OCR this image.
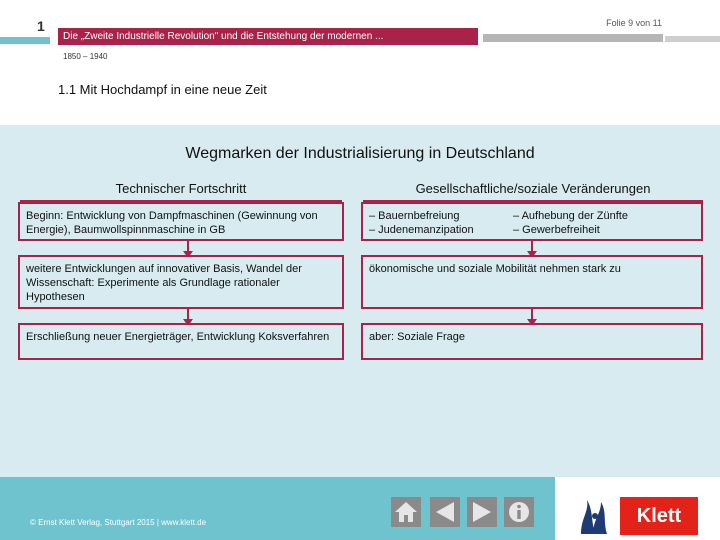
1
Die „Zweite Industrielle Revolution" und die Entstehung der modernen ...
Folie 9 von 11
1850 – 1940
1.1 Mit Hochdampf in eine neue Zeit
Wegmarken der Industrialisierung in Deutschland
Technischer Fortschritt	Gesellschaftliche/soziale Veränderungen
Beginn: Entwicklung von Dampfmaschinen (Gewinnung von Energie), Baumwollspinnmaschine in GB
weitere Entwicklungen auf innovativer Basis, Wandel der Wissenschaft: Experimente als Grundlage rationaler Hypothesen
Erschließung neuer Energieträger, Entwicklung Koksverfahren
– Bauernbefreiung
– Judenemanzipation
– Aufhebung der Zünfte
– Gewerbefreiheit
ökonomische und soziale Mobilität nehmen stark zu
aber: Soziale Frage
© Ernst Klett Verlag, Stuttgart 2015 | www.klett.de	Klett
